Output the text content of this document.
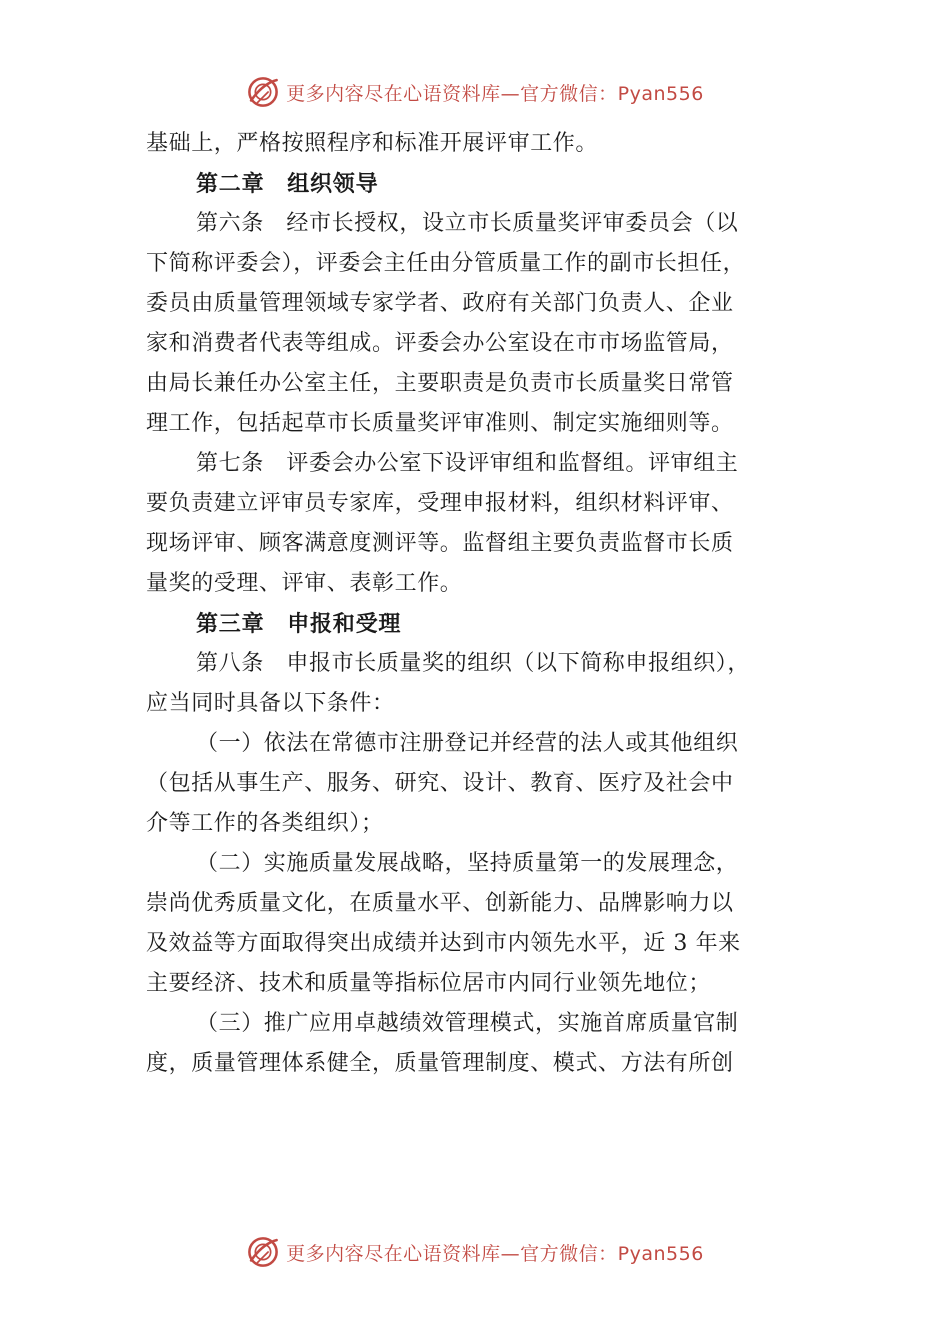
更多内容尽在心语资料库—官方微信：Pyan556
基础上，严格按照程序和标准开展评审工作。
第二章　组织领导
第六条　经市长授权，设立市长质量奖评审委员会（以
下简称评委会），评委会主任由分管质量工作的副市长担任，
委员由质量管理领域专家学者、政府有关部门负责人、企业
家和消费者代表等组成。评委会办公室设在市市场监管局，
由局长兼任办公室主任，主要职责是负责市长质量奖日常管
理工作，包括起草市长质量奖评审准则、制定实施细则等。
第七条　评委会办公室下设评审组和监督组。评审组主
要负责建立评审员专家库，受理申报材料，组织材料评审、
现场评审、顾客满意度测评等。监督组主要负责监督市长质
量奖的受理、评审、表彰工作。
第三章　申报和受理
第八条　申报市长质量奖的组织（以下简称申报组织），
应当同时具备以下条件：
（一）依法在常德市注册登记并经营的法人或其他组织
（包括从事生产、服务、研究、设计、教育、医疗及社会中
介等工作的各类组织）；
（二）实施质量发展战略，坚持质量第一的发展理念，
崇尚优秀质量文化，在质量水平、创新能力、品牌影响力以
及效益等方面取得突出成绩并达到市内领先水平，近 3 年来
主要经济、技术和质量等指标位居市内同行业领先地位；
（三）推广应用卓越绩效管理模式，实施首席质量官制
度，质量管理体系健全，质量管理制度、模式、方法有所创
更多内容尽在心语资料库—官方微信：Pyan556
